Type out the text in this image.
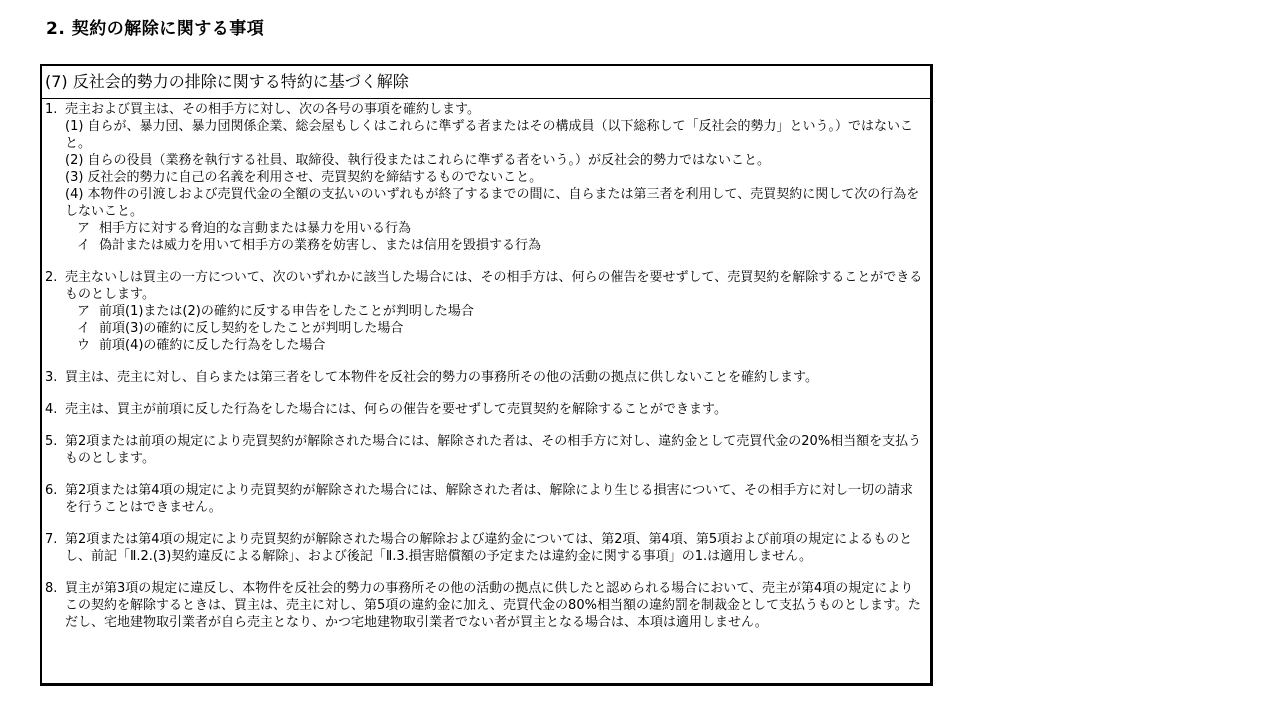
2. 契約の解除に関する事項
(7) 反社会的勢力の排除に関する特約に基づく解除
1. 売主および買主は、その相手方に対し、次の各号の事項を確約します。
(1) 自らが、暴力団、暴力団関係企業、総会屋もしくはこれらに準ずる者またはその構成員（以下総称して「反社会的勢力」という。）ではないこと。
(2) 自らの役員（業務を執行する社員、取締役、執行役またはこれらに準ずる者をいう。）が反社会的勢力ではないこと。
(3) 反社会的勢力に自己の名義を利用させ、売買契約を締結するものでないこと。
(4) 本物件の引渡しおよび売買代金の全額の支払いのいずれもが終了するまでの間に、自らまたは第三者を利用して、売買契約に関して次の行為をしないこと。
ア 相手方に対する脅迫的な言動または暴力を用いる行為
イ 偽計または威力を用いて相手方の業務を妨害し、または信用を毀損する行為
2. 売主ないしは買主の一方について、次のいずれかに該当した場合には、その相手方は、何らの催告を要せずして、売買契約を解除することができるものとします。
ア 前項(1)または(2)の確約に反する申告をしたことが判明した場合
イ 前項(3)の確約に反し契約をしたことが判明した場合
ウ 前項(4)の確約に反した行為をした場合
3. 買主は、売主に対し、自らまたは第三者をして本物件を反社会的勢力の事務所その他の活動の拠点に供しないことを確約します。
4. 売主は、買主が前項に反した行為をした場合には、何らの催告を要せずして売買契約を解除することができます。
5. 第2項または前項の規定により売買契約が解除された場合には、解除された者は、その相手方に対し、違約金として売買代金の20%相当額を支払うものとします。
6. 第2項または第4項の規定により売買契約が解除された場合には、解除された者は、解除により生じる損害について、その相手方に対し一切の請求を行うことはできません。
7. 第2項または第4項の規定により売買契約が解除された場合の解除および違約金については、第2項、第4項、第5項および前項の規定によるものとし、前記「Ⅱ.2.(3)契約違反による解除」、および後記「Ⅱ.3.損害賠償額の予定または違約金に関する事項」の1.は適用しません。
8. 買主が第3項の規定に違反し、本物件を反社会的勢力の事務所その他の活動の拠点に供したと認められる場合において、売主が第4項の規定によりこの契約を解除するときは、買主は、売主に対し、第5項の違約金に加え、売買代金の80%相当額の違約罰を制裁金として支払うものとします。ただし、宅地建物取引業者が自ら売主となり、かつ宅地建物取引業者でない者が買主となる場合は、本項は適用しません。
